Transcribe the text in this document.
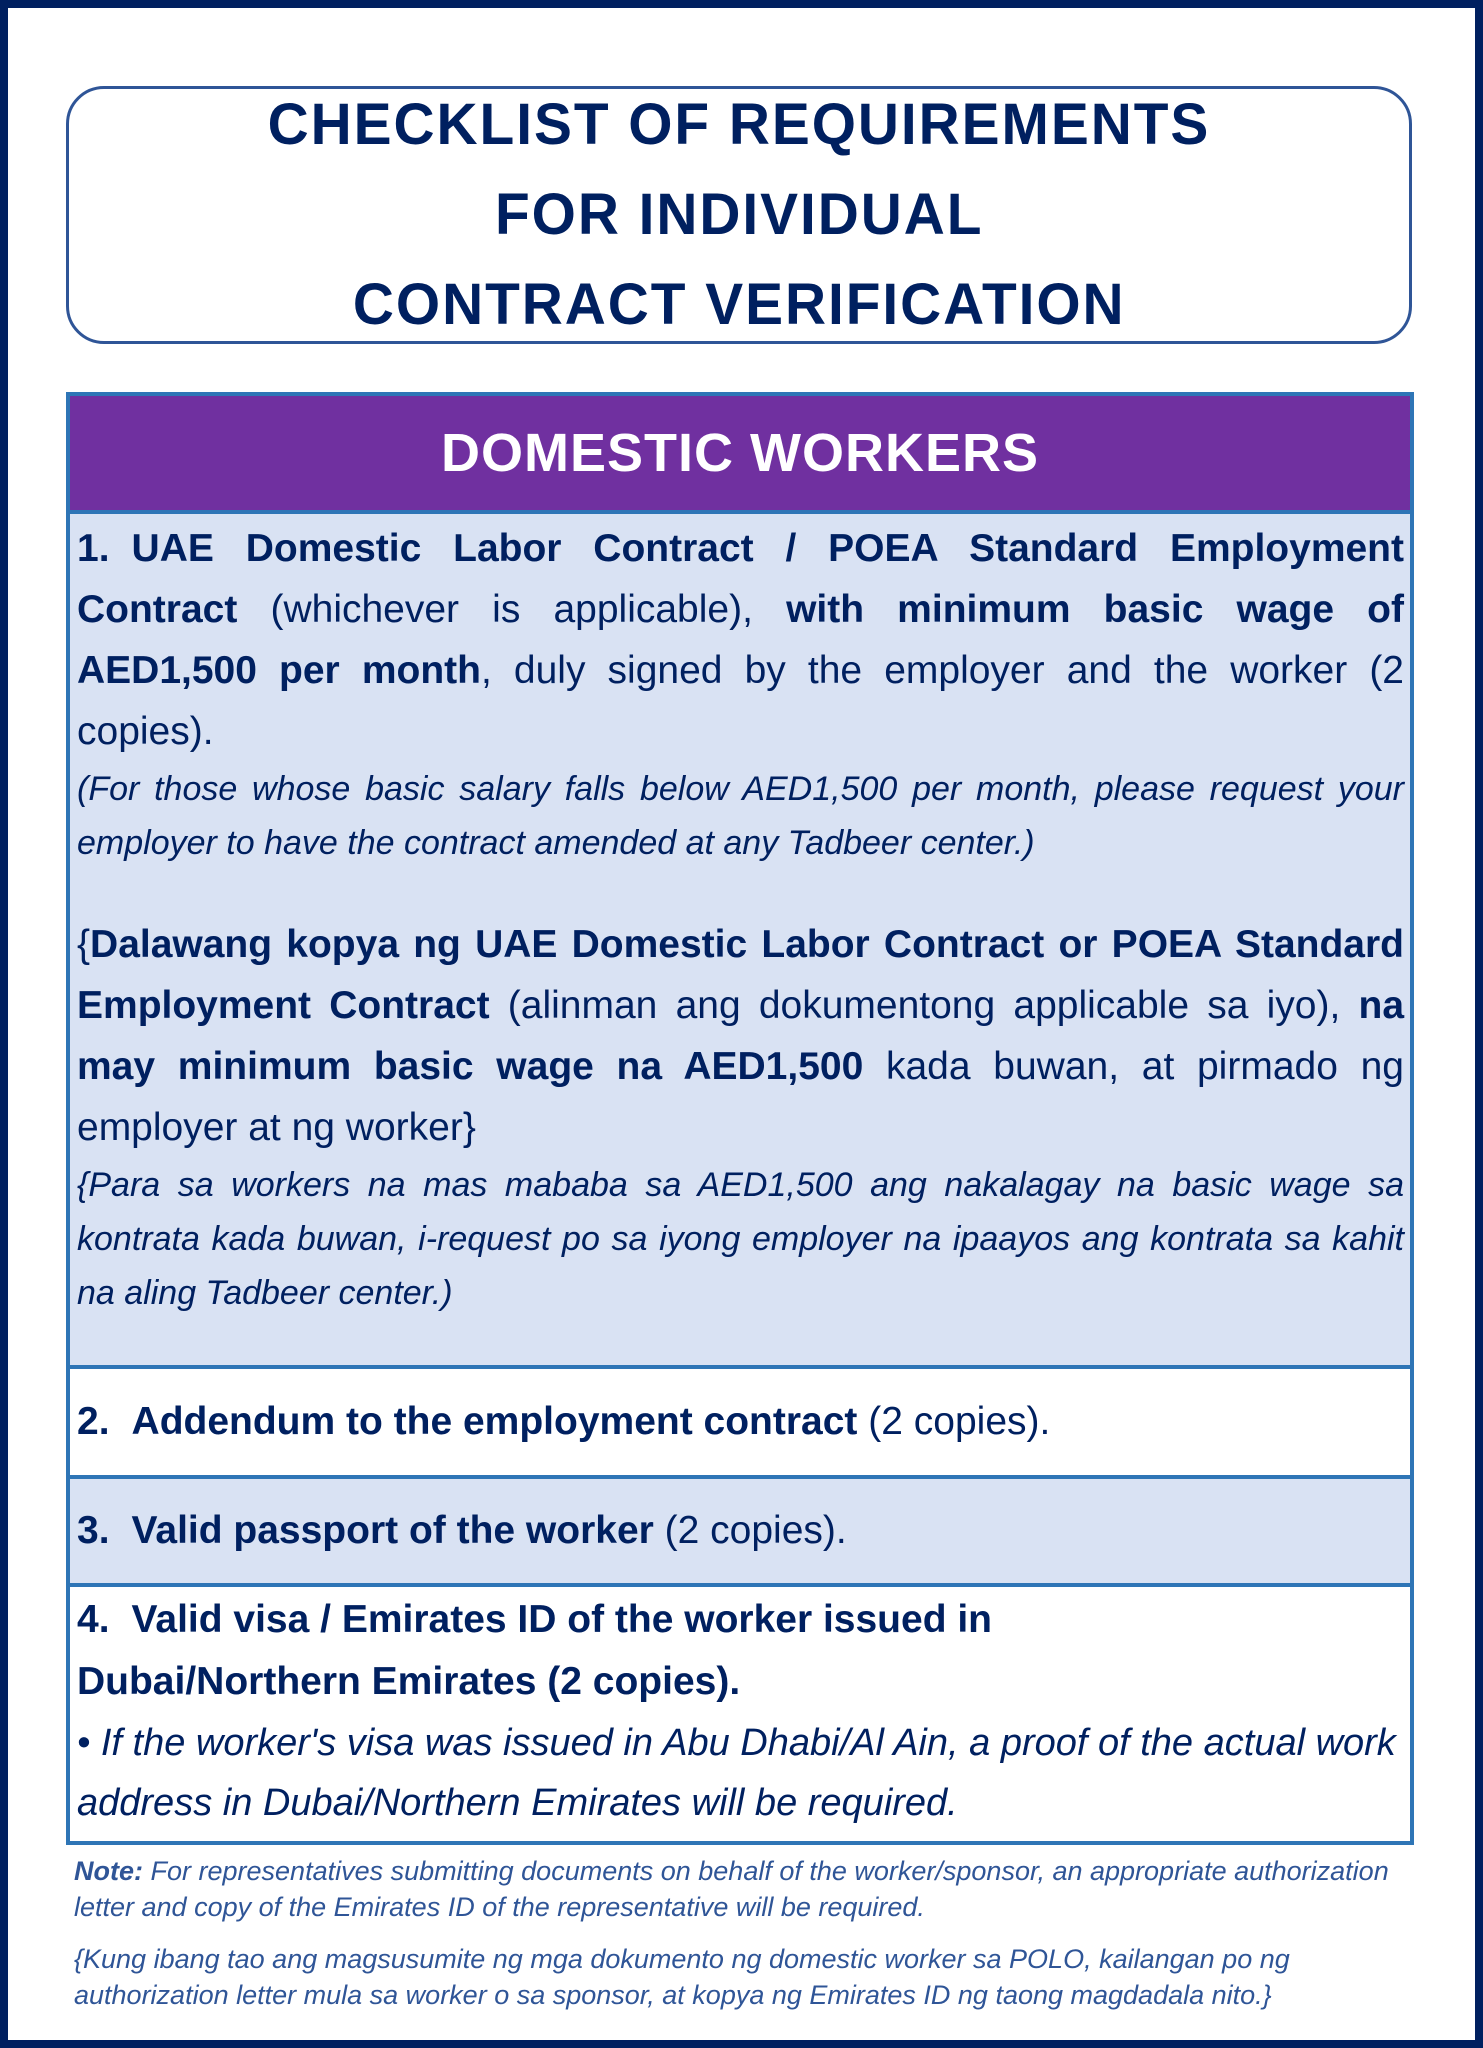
CHECKLIST OF REQUIREMENTS
FOR INDIVIDUAL
CONTRACT VERIFICATION
DOMESTIC WORKERS

1. UAE Domestic Labor Contract / POEA Standard Employment Contract (whichever is applicable), with minimum basic wage of AED1,500 per month, duly signed by the employer and the worker (2 copies).

(For those whose basic salary falls below AED1,500 per month, please request your employer to have the contract amended at any Tadbeer center.)

{Dalawang kopya ng UAE Domestic Labor Contract or POEA Standard Employment Contract (alinman ang dokumentong applicable sa iyo), na may minimum basic wage na AED1,500 kada buwan, at pirmado ng employer at ng worker}

{Para sa workers na mas mababa sa AED1,500 ang nakalagay na basic wage sa kontrata kada buwan, i-request po sa iyong employer na ipaayos ang kontrata sa kahit na aling Tadbeer center.)

2. Addendum to the employment contract (2 copies).
3. Valid passport of the worker (2 copies).
4. Valid visa / Emirates ID of the worker issued in
Dubai/Northern Emirates (2 copies).

• If the worker's visa was issued in Abu Dhabi/Al Ain, a proof of the actual work address in Dubai/Northern Emirates will be required.

Note: For representatives submitting documents on behalf of the worker/sponsor, an appropriate authorization letter and copy of the Emirates ID of the representative will be required.

{Kung ibang tao ang magsusumite ng mga dokumento ng domestic worker sa POLO, kailangan po ng authorization letter mula sa worker o sa sponsor, at kopya ng Emirates ID ng taong magdadala nito.}
